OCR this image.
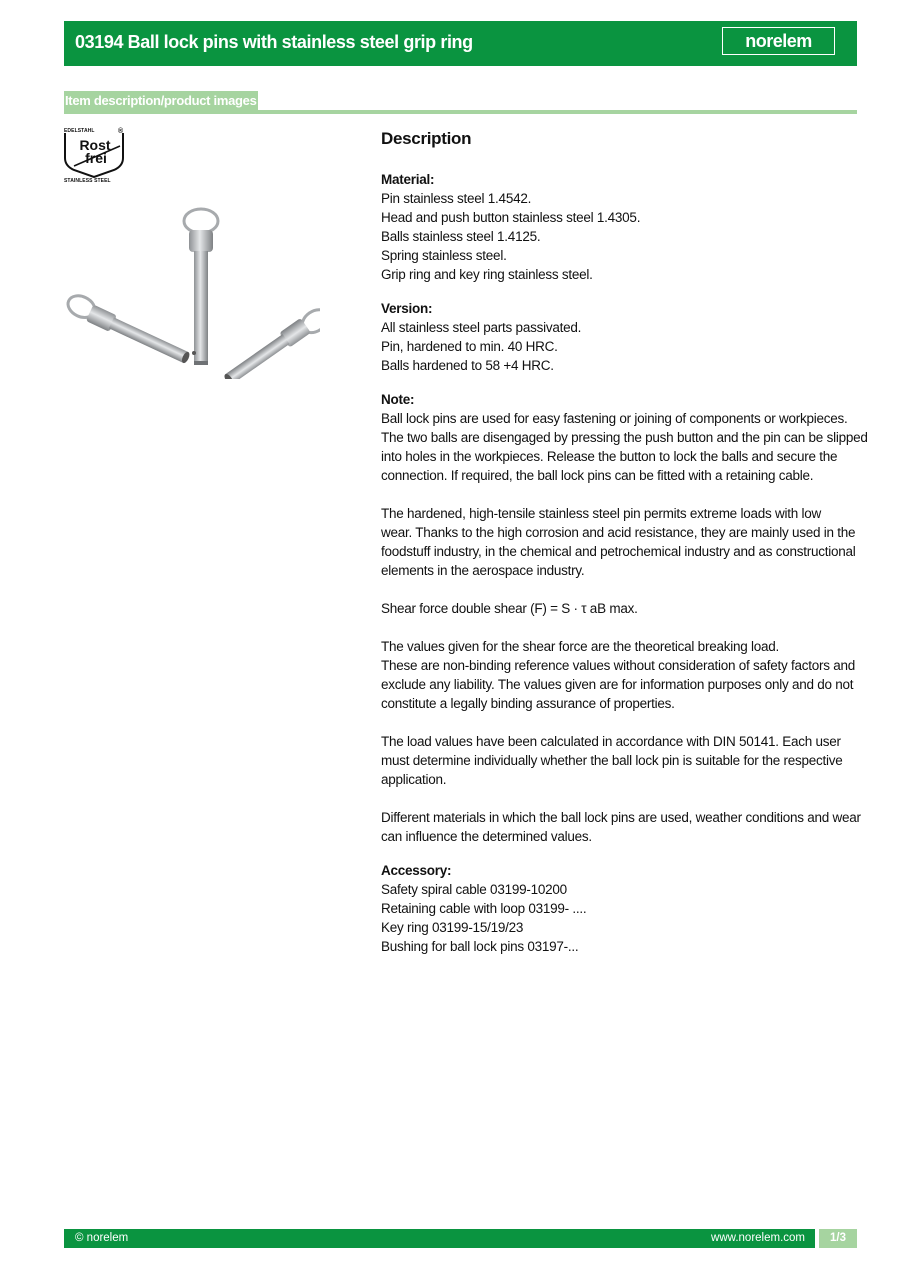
03194 Ball lock pins with stainless steel grip ring	norelem
Item description/product images
Rost
frei
EDELSTAHL	®
STAINLESS STEEL
Description
Material:
Pin stainless steel 1.4542.
Head and push button stainless steel 1.4305.
Balls stainless steel 1.4125.
Spring stainless steel.
Grip ring and key ring stainless steel.
Version:
All stainless steel parts passivated.
Pin, hardened to min. 40 HRC.
Balls hardened to 58 +4 HRC.
Note:
Ball lock pins are used for easy fastening or joining of components or workpieces.
The two balls are disengaged by pressing the push button and the pin can be slipped
into holes in the workpieces. Release the button to lock the balls and secure the
connection. If required, the ball lock pins can be fitted with a retaining cable.
The hardened, high-tensile stainless steel pin permits extreme loads with low
wear. Thanks to the high corrosion and acid resistance, they are mainly used in the
foodstuff industry, in the chemical and petrochemical industry and as constructional
elements in the aerospace industry.
Shear force double shear (F) = S · τ aB max.
The values given for the shear force are the theoretical breaking load.
These are non-binding reference values without consideration of safety factors and
exclude any liability. The values given are for information purposes only and do not
constitute a legally binding assurance of properties.
The load values have been calculated in accordance with DIN 50141. Each user
must determine individually whether the ball lock pin is suitable for the respective
application.
Different materials in which the ball lock pins are used, weather conditions and wear
can influence the determined values.
Accessory:
Safety spiral cable 03199-10200
Retaining cable with loop 03199- ....
Key ring 03199-15/19/23
Bushing for ball lock pins 03197-...
© norelem	www.norelem.com	1/3
